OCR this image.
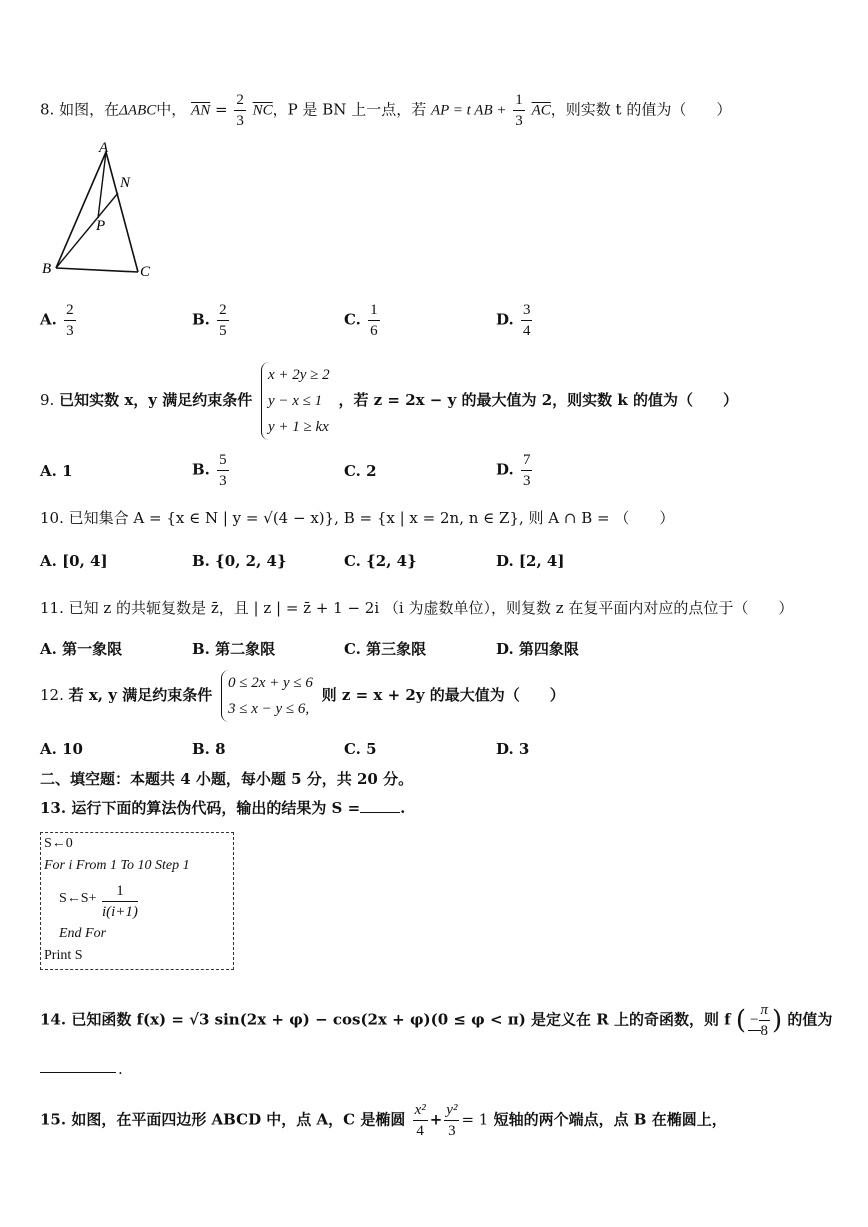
8. 如图，在ΔABC中， $\overline{AN} = \frac{2}{3} \overline{NC}$，P 是 BN 上一点，若 AP = t AB + $\frac{1}{3} \overline{AC}$，则实数 t 的值为（　　）
A
N
P
B	C
A. $\frac{2}{3}$	B. $\frac{2}{5}$	C. $\frac{1}{6}$	D. $\frac{3}{4}$
9. 已知实数 x，y 满足约束条件
x + 2y ≥ 2
y − x ≤ 1
y + 1 ≥ kx
，若 z = 2x − y 的最大值为 2，则实数 k 的值为（　　）
A. 1	B. $\frac{5}{3}$	C. 2	D. $\frac{7}{3}$
10. 已知集合 A = {x ∈ N | y = √(4 − x)}, B = {x | x = 2n, n ∈ Z}, 则 A ∩ B = （　　）
A. [0, 4]	B. {0, 2, 4}	C. {2, 4}	D. [2, 4]
11. 已知 z 的共轭复数是 z̄，且 | z | = z̄ + 1 − 2i （i 为虚数单位），则复数 z 在复平面内对应的点位于（　　）
A. 第一象限	B. 第二象限	C. 第三象限	D. 第四象限
12. 若 x, y 满足约束条件
0 ≤ 2x + y ≤ 6
3 ≤ x − y ≤ 6,
则 z = x + 2y 的最大值为（　　）
A. 10	B. 8	C. 5	D. 3
二、填空题：本题共 4 小题，每小题 5 分，共 20 分。
13. 运行下面的算法伪代码，输出的结果为 S =	.
S←0
For i From 1 To 10 Step 1
S←S+ $\frac{1}{i(i+1)}$
End For
Print S
14. 已知函数 f(x) = √3 sin(2x + φ) − cos(2x + φ)(0 ≤ φ < π) 是定义在 R 上的奇函数，则 f ( − $\frac{\pi}{8}$ ) 的值为
.
15. 如图，在平面四边形 ABCD 中，点 A，C 是椭圆 $\frac{\text{x²}}{4} + \frac{\text{y²}}{3} = 1$ 短轴的两个端点，点 B 在椭圆上，
